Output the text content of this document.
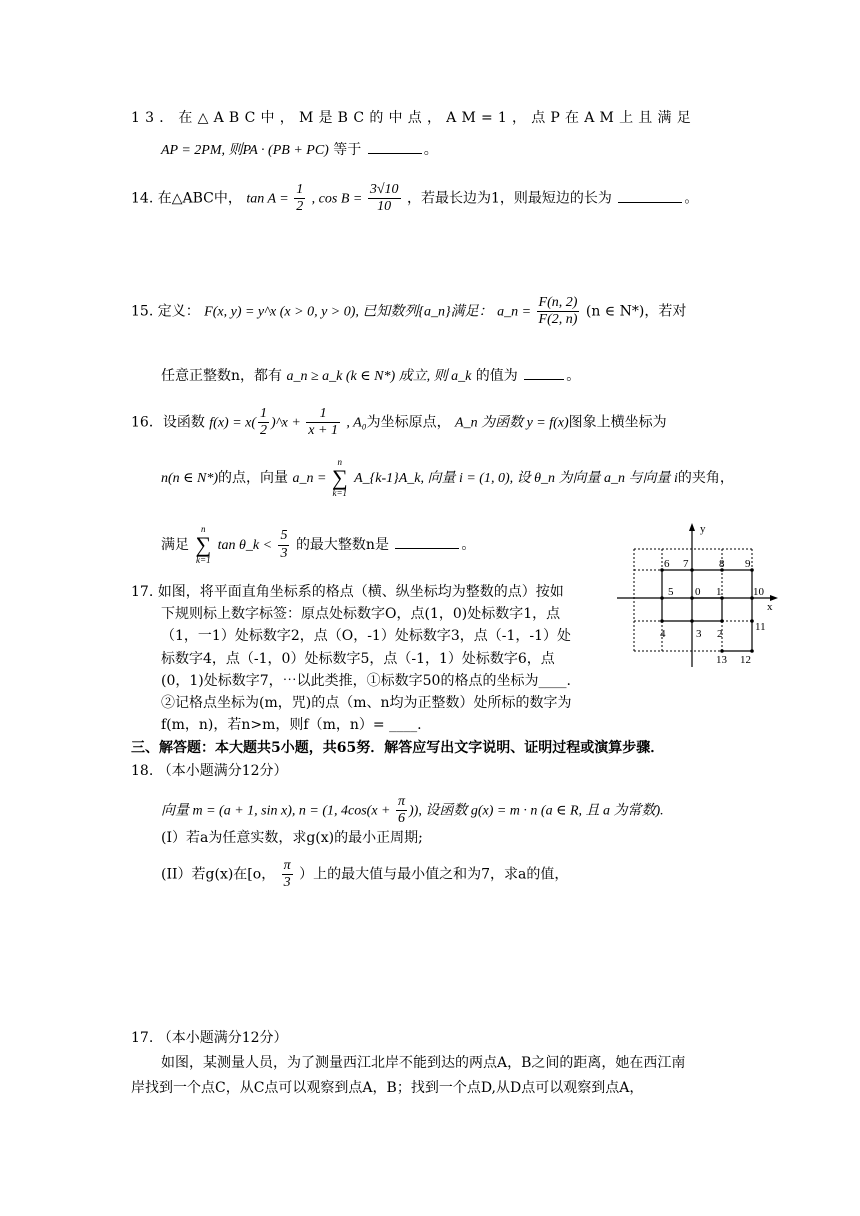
13．在△ABC中，M是BC的中点，AM=1，点P在AM上且满足
AP = 2PM, 则PA · (PB + PC) 等于	。
14. 在△ABC中， $\tan A = \frac{1}{2}$ , $\cos B = \frac{3√10}{10}$ ，若最长边为1，则最短边的长为	。
15. 定义： F(x, y) = y^x (x > 0, y > 0), 已知数列{a_n}满足： a_n = $\frac{F(n, 2)}{F(2, n)} (n$ ∈ N*)，若对
任意正整数n，都有 a_n ≥ a_k (k ∈ N*) 成立, 则 a_k 的值为	。
16．设函数 $f(x) = x( \frac{1}{2}$ )^x + $\frac{1}{x + 1}$ , A₀为坐标原点， A_n 为函数 y = f(x)图象上横坐标为
n(n ∈ N*)的点，向量 a_n =
n
∑
k=1
A_{k-1}A_k, 向量 i = (1, 0), 设 θ_n 为向量 a_n 与向量 i的夹角，
满足
n
∑
k=1
tan θ_k < $\frac{5}{3}$ 的最大整数n是	。
17. 如图，将平面直角坐标系的格点（横、纵坐标均为整数的点）按如
下规则标上数字标签：原点处标数字O，点(1，0)处标数字1，点
（1，一1）处标数字2，点（O，-1）处标数字3，点（-1，-1）处
标数字4，点（-1，0）处标数字5，点（-1，1）处标数字6，点
(0，1)处标数字7，⋯以此类推，①标数字50的格点的坐标为____.
②记格点坐标为(m，咒)的点（m、n均为正整数）处所标的数字为
f(m，n)，若n>m，则f（m，n）= ____.
y
x
6 7	8 9
5 0 1	10
4	3 2
11
13 12
三、解答题：本大题共5小题，共65努．解答应写出文字说明、证明过程或演算步骤．
18. （本小题满分12分）
向量 m = (a + 1, sin x), n = (1, $4\cos(x + \frac{\pi}{6}$ )), 设函数 g(x) = m · n (a ∈ R, 且 a 为常数).
(I）若a为任意实数，求g(x)的最小正周期;
(II）若g(x)在[o， $\frac{\pi}{3}$ ）上的最大值与最小值之和为7，求a的值，
17. （本小题满分12分）
如图，某测量人员，为了测量西江北岸不能到达的两点A，B之间的距离，她在西江南
岸找到一个点C，从C点可以观察到点A，B；找到一个点D,从D点可以观察到点A，
